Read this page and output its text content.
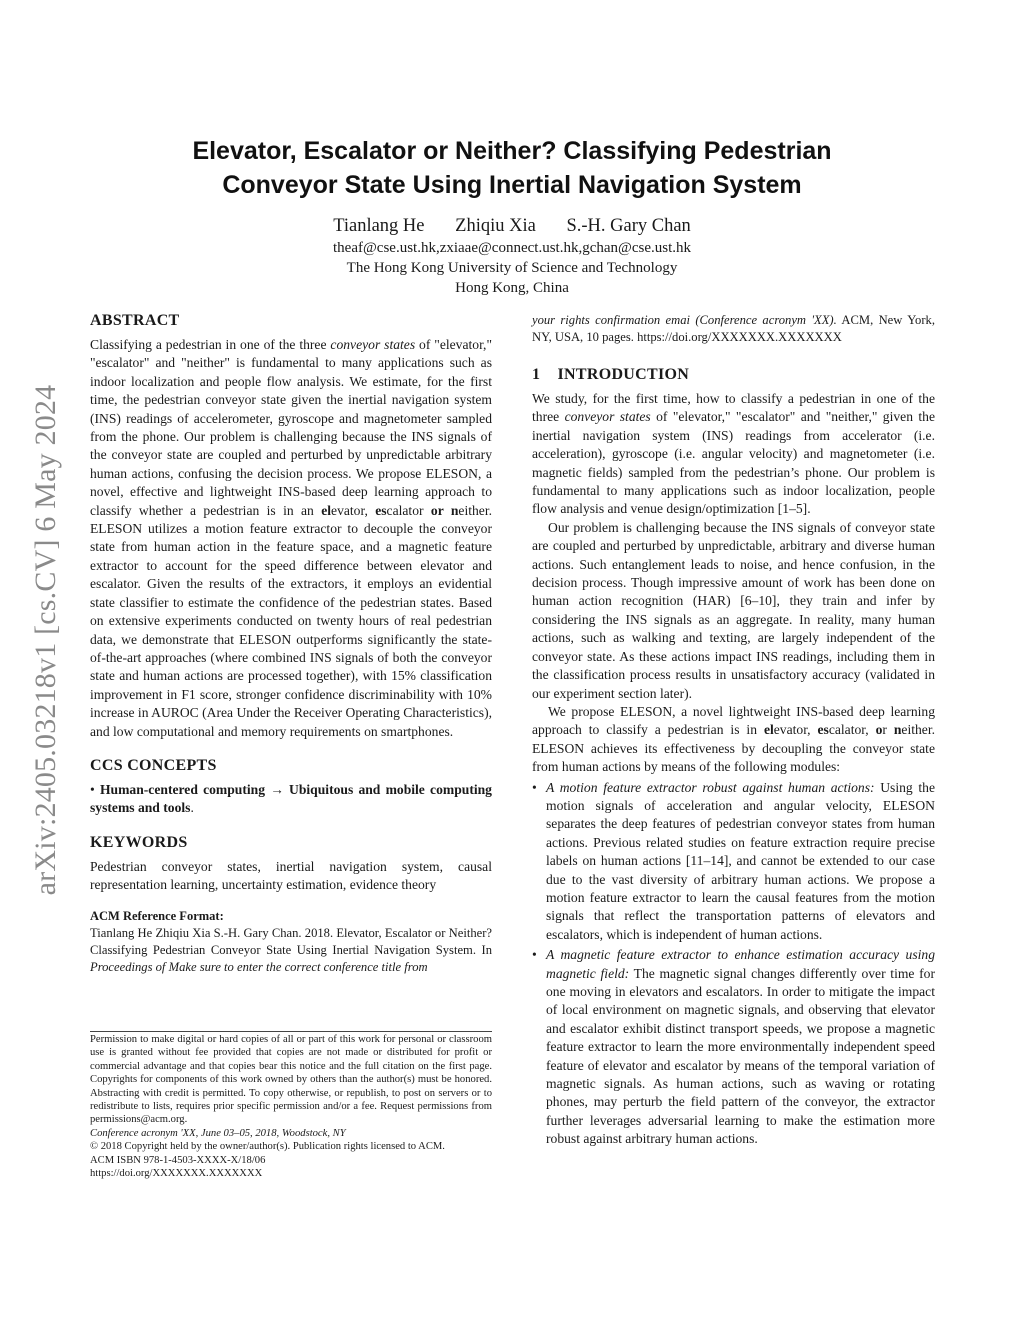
arXiv:2405.03218v1 [cs.CV] 6 May 2024
Elevator, Escalator or Neither? Classifying Pedestrian
Conveyor State Using Inertial Navigation System
Tianlang He Zhiqiu Xia S.-H. Gary Chan
theaf@cse.ust.hk,zxiaae@connect.ust.hk,gchan@cse.ust.hk
The Hong Kong University of Science and Technology
Hong Kong, China
ABSTRACT

Classifying a pedestrian in one of the three conveyor states of "elevator," "escalator" and "neither" is fundamental to many applications such as indoor localization and people flow analysis. We estimate, for the first time, the pedestrian conveyor state given the inertial navigation system (INS) readings of accelerometer, gyroscope and magnetometer sampled from the phone. Our problem is challenging because the INS signals of the conveyor state are coupled and perturbed by unpredictable arbitrary human actions, confusing the decision process. We propose ELESON, a novel, effective and lightweight INS-based deep learning approach to classify whether a pedestrian is in an elevator, escalator or neither. ELESON utilizes a motion feature extractor to decouple the conveyor state from human action in the feature space, and a magnetic feature extractor to account for the speed difference between elevator and escalator. Given the results of the extractors, it employs an evidential state classifier to estimate the confidence of the pedestrian states. Based on extensive experiments conducted on twenty hours of real pedestrian data, we demonstrate that ELESON outperforms significantly the state-of-the-art approaches (where combined INS signals of both the conveyor state and human actions are processed together), with 15% classification improvement in F1 score, stronger confidence discriminability with 10% increase in AUROC (Area Under the Receiver Operating Characteristics), and low computational and memory requirements on smartphones.

CCS CONCEPTS

• Human-centered computing → Ubiquitous and mobile computing systems and tools.

KEYWORDS

Pedestrian conveyor states, inertial navigation system, causal representation learning, uncertainty estimation, evidence theory

ACM Reference Format:

Tianlang He Zhiqiu Xia S.-H. Gary Chan. 2018. Elevator, Escalator or Neither? Classifying Pedestrian Conveyor State Using Inertial Navigation System. In Proceedings of Make sure to enter the correct conference title from

Permission to make digital or hard copies of all or part of this work for personal or classroom use is granted without fee provided that copies are not made or distributed for profit or commercial advantage and that copies bear this notice and the full citation on the first page. Copyrights for components of this work owned by others than the author(s) must be honored. Abstracting with credit is permitted. To copy otherwise, or republish, to post on servers or to redistribute to lists, requires prior specific permission and/or a fee. Request permissions from permissions@acm.org.

Conference acronym 'XX, June 03–05, 2018, Woodstock, NY

© 2018 Copyright held by the owner/author(s). Publication rights licensed to ACM.

ACM ISBN 978-1-4503-XXXX-X/18/06

https://doi.org/XXXXXXX.XXXXXXX

your rights confirmation emai (Conference acronym 'XX). ACM, New York, NY, USA, 10 pages. https://doi.org/XXXXXXX.XXXXXXX

1    INTRODUCTION

We study, for the first time, how to classify a pedestrian in one of the three conveyor states of "elevator," "escalator" and "neither," given the inertial navigation system (INS) readings from accelerator (i.e. acceleration), gyroscope (i.e. angular velocity) and magnetometer (i.e. magnetic fields) sampled from the pedestrian’s phone. Our problem is fundamental to many applications such as indoor localization, people flow analysis and venue design/optimization [1–5].

Our problem is challenging because the INS signals of conveyor state are coupled and perturbed by unpredictable, arbitrary and diverse human actions. Such entanglement leads to noise, and hence confusion, in the decision process. Though impressive amount of work has been done on human action recognition (HAR) [6–10], they train and infer by considering the INS signals as an aggregate. In reality, many human actions, such as walking and texting, are largely independent of the conveyor state. As these actions impact INS readings, including them in the classification process results in unsatisfactory accuracy (validated in our experiment section later).

We propose ELESON, a novel lightweight INS-based deep learning approach to classify a pedestrian is in elevator, escalator, or neither. ELESON achieves its effectiveness by decoupling the conveyor state from human actions by means of the following modules:

• A motion feature extractor robust against human actions: Using the motion signals of acceleration and angular velocity, ELESON separates the deep features of pedestrian conveyor states from human actions. Previous related studies on feature extraction require precise labels on human actions [11–14], and cannot be extended to our case due to the vast diversity of arbitrary human actions. We propose a motion feature extractor to learn the causal features from the motion signals that reflect the transportation patterns of elevators and escalators, which is independent of human actions.
• A magnetic feature extractor to enhance estimation accuracy using magnetic field: The magnetic signal changes differently over time for one moving in elevators and escalators. In order to mitigate the impact of local environment on magnetic signals, and observing that elevator and escalator exhibit distinct transport speeds, we propose a magnetic feature extractor to learn the more environmentally independent speed feature of elevator and escalator by means of the temporal variation of magnetic signals. As human actions, such as waving or rotating phones, may perturb the field pattern of the conveyor, the extractor further leverages adversarial learning to make the estimation more robust against arbitrary human actions.
